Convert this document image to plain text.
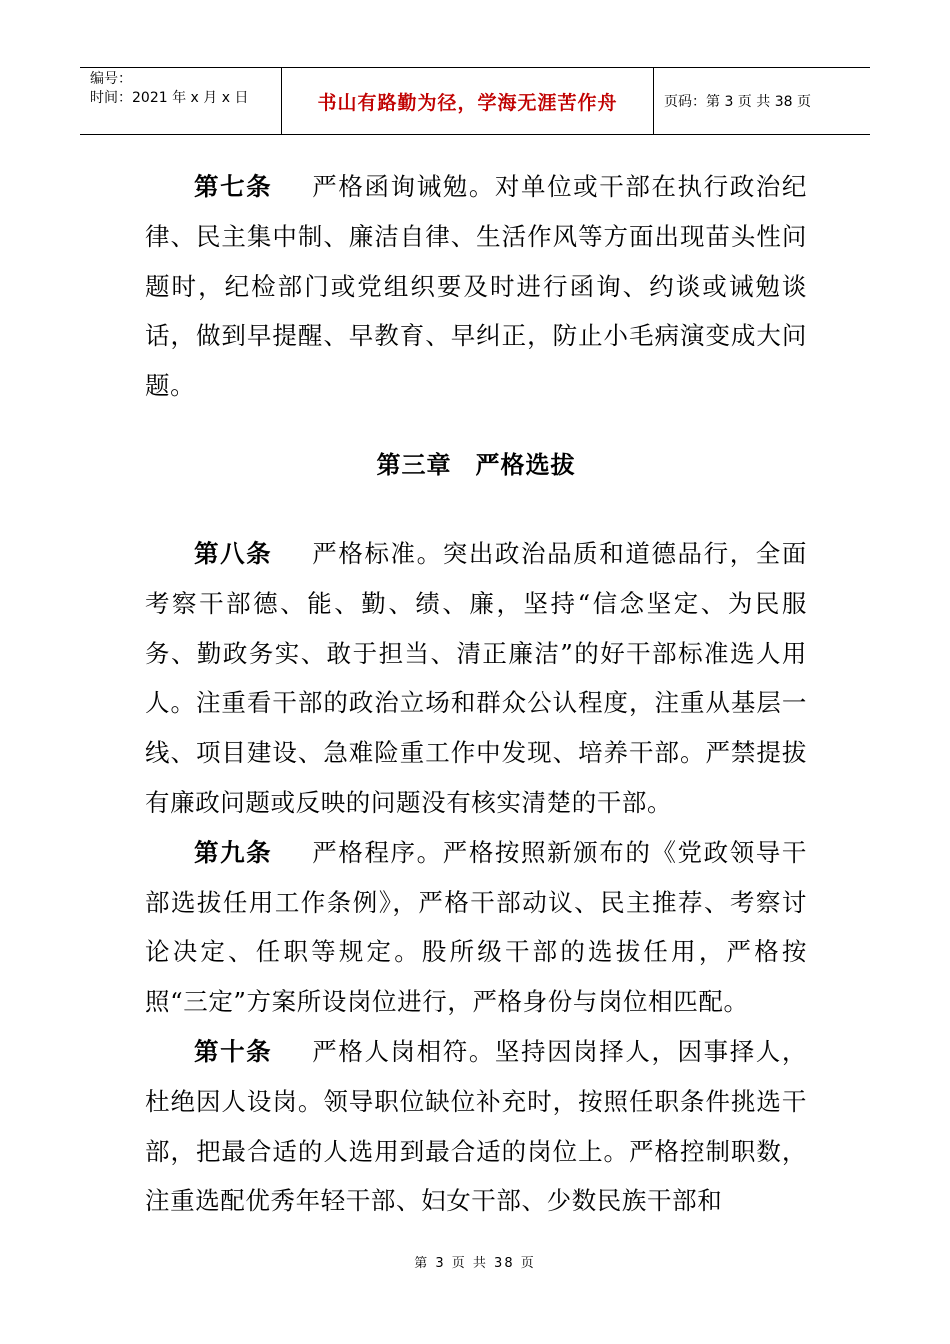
编号：
时间：2021 年 x 月 x 日	书山有路勤为径，学海无涯苦作舟	页码：第 3 页 共 38 页

第七条 严格函询诫勉。对单位或干部在执行政治纪律、民主集中制、廉洁自律、生活作风等方面出现苗头性问题时，纪检部门或党组织要及时进行函询、约谈或诫勉谈话，做到早提醒、早教育、早纠正，防止小毛病演变成大问题。

第三章 严格选拔

第八条 严格标准。突出政治品质和道德品行，全面考察干部德、能、勤、绩、廉，坚持“信念坚定、为民服务、勤政务实、敢于担当、清正廉洁”的好干部标准选人用人。注重看干部的政治立场和群众公认程度，注重从基层一线、项目建设、急难险重工作中发现、培养干部。严禁提拔有廉政问题或反映的问题没有核实清楚的干部。

第九条 严格程序。严格按照新颁布的《党政领导干部选拔任用工作条例》，严格干部动议、民主推荐、考察讨论决定、任职等规定。股所级干部的选拔任用，严格按照“三定”方案所设岗位进行，严格身份与岗位相匹配。

第十条 严格人岗相符。坚持因岗择人，因事择人，杜绝因人设岗。领导职位缺位补充时，按照任职条件挑选干部，把最合适的人选用到最合适的岗位上。严格控制职数，注重选配优秀年轻干部、妇女干部、少数民族干部和

第 3 页 共 38 页
